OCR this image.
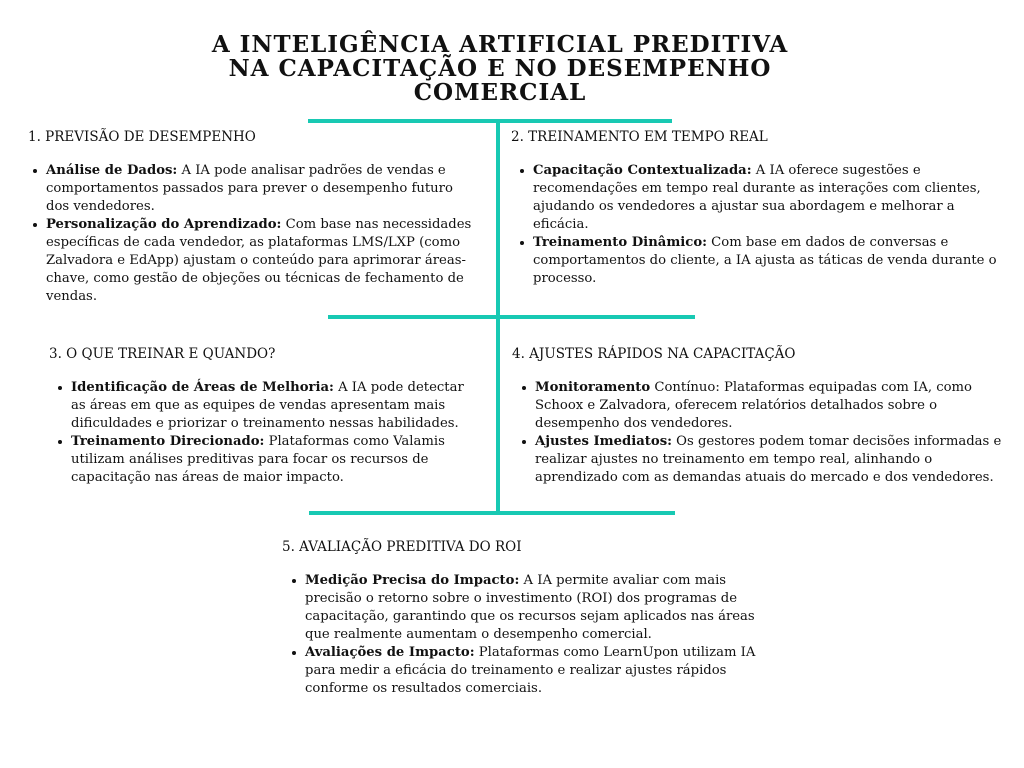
A INTELIGÊNCIA ARTIFICIAL PREDITIVA
NA CAPACITAÇÃO E NO DESEMPENHO
COMERCIAL
1. PREVISÃO DE DESEMPENHO
Análise de Dados: A IA pode analisar padrões de vendas e comportamentos passados para prever o desempenho futuro dos vendedores.
Personalização do Aprendizado: Com base nas necessidades específicas de cada vendedor, as plataformas LMS/LXP (como Zalvadora e EdApp) ajustam o conteúdo para aprimorar áreas-chave, como gestão de objeções ou técnicas de fechamento de vendas.
2. TREINAMENTO EM TEMPO REAL
Capacitação Contextualizada: A IA oferece sugestões e recomendações em tempo real durante as interações com clientes, ajudando os vendedores a ajustar sua abordagem e melhorar a eficácia.
Treinamento Dinâmico: Com base em dados de conversas e comportamentos do cliente, a IA ajusta as táticas de venda durante o processo.
3. O QUE TREINAR E QUANDO?
Identificação de Áreas de Melhoria: A IA pode detectar as áreas em que as equipes de vendas apresentam mais dificuldades e priorizar o treinamento nessas habilidades.
Treinamento Direcionado: Plataformas como Valamis utilizam análises preditivas para focar os recursos de capacitação nas áreas de maior impacto.
4. AJUSTES RÁPIDOS NA CAPACITAÇÃO
Monitoramento Contínuo: Plataformas equipadas com IA, como Schoox e Zalvadora, oferecem relatórios detalhados sobre o desempenho dos vendedores.
Ajustes Imediatos: Os gestores podem tomar decisões informadas e realizar ajustes no treinamento em tempo real, alinhando o aprendizado com as demandas atuais do mercado e dos vendedores.
5. AVALIAÇÃO PREDITIVA DO ROI
Medição Precisa do Impacto: A IA permite avaliar com mais precisão o retorno sobre o investimento (ROI) dos programas de capacitação, garantindo que os recursos sejam aplicados nas áreas que realmente aumentam o desempenho comercial.
Avaliações de Impacto: Plataformas como LearnUpon utilizam IA para medir a eficácia do treinamento e realizar ajustes rápidos conforme os resultados comerciais.
